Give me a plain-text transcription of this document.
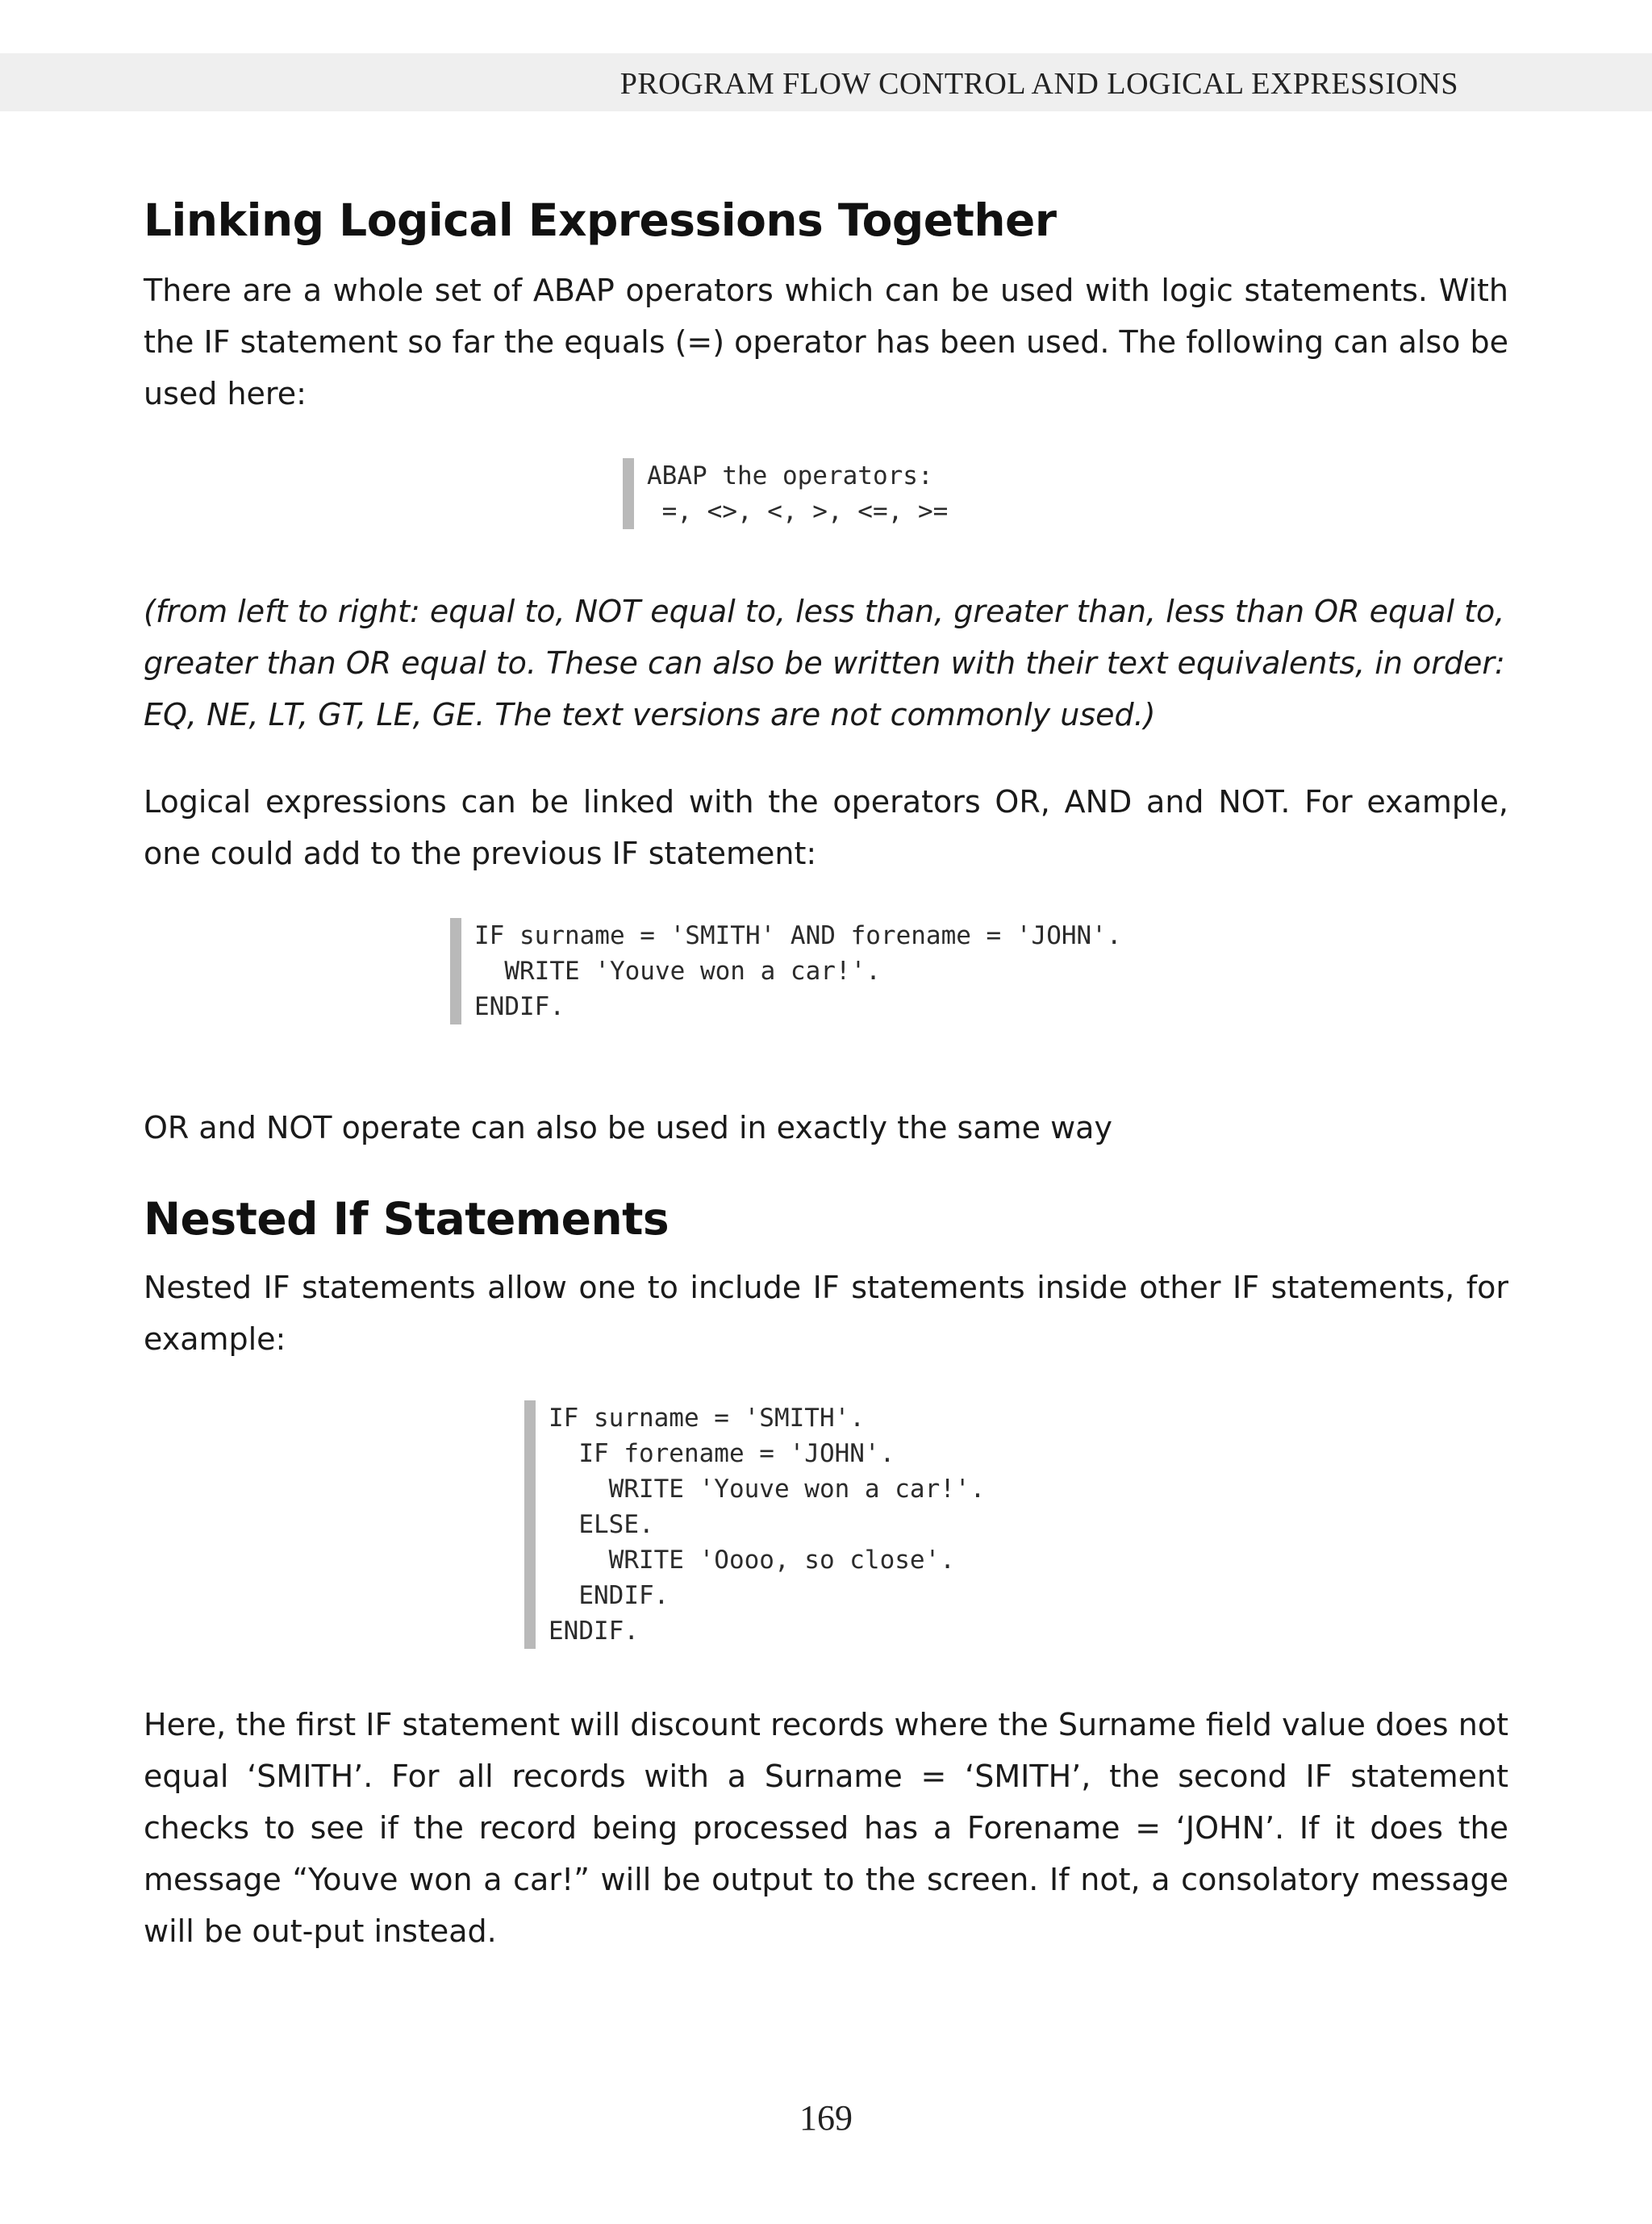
PROGRAM FLOW CONTROL AND LOGICAL EXPRESSIONS
Linking Logical Expressions Together

There are a whole set of ABAP operators which can be used with logic statements. With the IF statement so far the equals (=) operator has been used. The following can also be used here:

ABAP the operators:
=, <>, <, >, <=, >=

(from left to right: equal to, NOT equal to, less than, greater than, less than OR equal to, greater than OR equal to. These can also be written with their text equivalents, in order: EQ, NE, LT, GT, LE, GE. The text versions are not commonly used.)

Logical expressions can be linked with the operators OR, AND and NOT. For example, one could add to the previous IF statement:

IF surname = 'SMITH' AND forename = 'JOHN'.
WRITE 'Youve won a car!'.
ENDIF.

OR and NOT operate can also be used in exactly the same way

Nested If Statements

Nested IF statements allow one to include IF statements inside other IF statements, for example:

IF surname = 'SMITH'.
IF forename = 'JOHN'.
WRITE 'Youve won a car!'.
ELSE.
WRITE 'Oooo, so close'.
ENDIF.
ENDIF.

Here, the first IF statement will discount records where the Surname field value does not equal ‘SMITH’. For all records with a Surname = ‘SMITH’, the second IF statement checks to see if the record being processed has a Forename = ‘JOHN’. If it does the message “Youve won a car!” will be output to the screen. If not, a consolatory message will be out-put instead.

169
